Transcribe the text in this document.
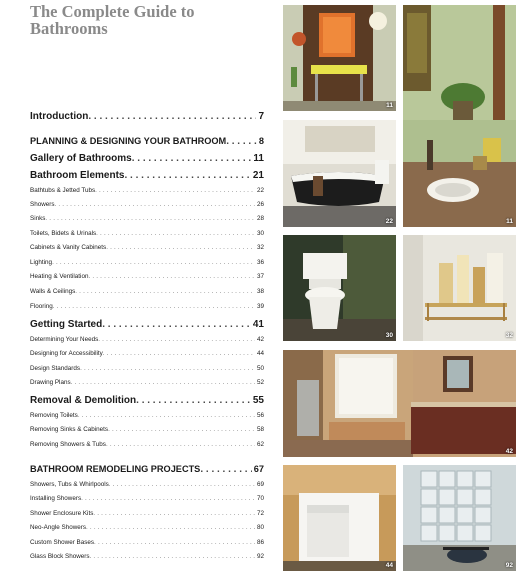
The Complete Guide to Bathrooms
Introduction . . .	7
PLANNING & DESIGNING YOUR BATHROOM . . .	8
Gallery of Bathrooms . . .	11
Bathroom Elements . . .	21
Bathtubs & Jetted Tubs . . .	22
Showers . . .	26
Sinks . . .	28
Toilets, Bidets & Urinals . . .	30
Cabinets & Vanity Cabinets . . .	32
Lighting . . .	36
Heating & Ventilation . . .	37
Walls & Ceilings . . .	38
Flooring . . .	39
Getting Started . . .	41
Determining Your Needs . . .	42
Designing for Accessibility . . .	44
Design Standards . . .	50
Drawing Plans . . .	52
Removal & Demolition . . .	55
Removing Toilets . . .	56
Removing Sinks & Cabinets . . .	58
Removing Showers & Tubs . . .	62
BATHROOM REMODELING PROJECTS . . .	67
Showers, Tubs & Whirlpools . . .	69
Installing Showers . . .	70
Shower Enclosure Kits . . .	72
Neo-Angle Showers . . .	80
Custom Shower Bases . . .	86
Glass Block Showers . . .	92
11
22	11
30	32
42
44	92
